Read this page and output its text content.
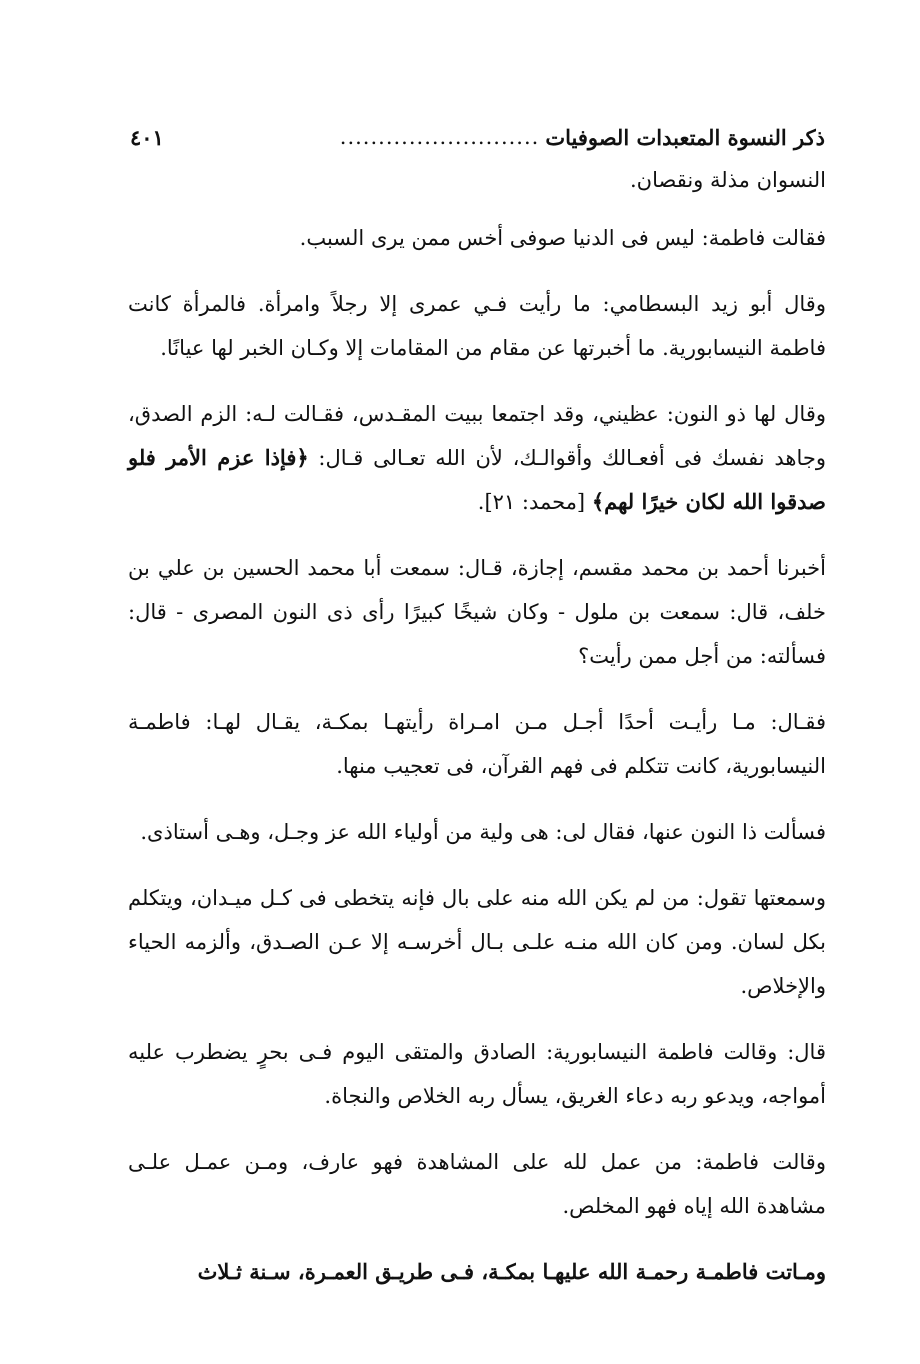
ذكر النسوة المتعبدات الصوفيات
..........................
٤٠١

النسوان مذلة ونقصان.

فقالت فاطمة: ليس فى الدنيا صوفى أخس ممن يرى السبب.

وقال أبو زيد البسطامي: ما رأيت فـي عمرى إلا رجلاً وامرأة. فالمرأة كانت فاطمة النيسابورية. ما أخبرتها عن مقام من المقامات إلا وكـان الخبر لها عيانًا.

وقال لها ذو النون: عظيني، وقد اجتمعا ببيت المقـدس، فقـالت لـه: الزم الصدق، وجاهد نفسك فى أفعـالك وأقوالـك، لأن الله تعـالى قـال: ﴿فإذا عزم الأمر فلو صدقوا الله لكان خيرًا لهم﴾ [محمد: ٢١].

أخبرنا أحمد بن محمد مقسم، إجازة، قـال: سمعت أبا محمد الحسين بن علي بن خلف، قال: سمعت بن ملول - وكان شيخًا كبيرًا رأى ذى النون المصرى - قال: فسألته: من أجل ممن رأيت؟

فقـال: مـا رأيـت أحدًا أجـل مـن امـراة رأيتهـا بمكـة، يقـال لهـا: فاطمـة النيسابورية، كانت تتكلم فى فهم القرآن، فى تعجيب منها.

فسألت ذا النون عنها، فقال لى: هى ولية من أولياء الله عز وجـل، وهـى أستاذى.

وسمعتها تقول: من لم يكن الله منه على بال فإنه يتخطى فى كـل ميـدان، ويتكلم بكل لسان. ومن كان الله منـه علـى بـال أخرسـه إلا عـن الصـدق، وألزمه الحياء والإخلاص.

قال: وقالت فاطمة النيسابورية: الصادق والمتقى اليوم فـى بحرٍ يضطرب عليه أمواجه، ويدعو ربه دعاء الغريق، يسأل ربه الخلاص والنجاة.

وقالت فاطمة: من عمل لله على المشاهدة فهو عارف، ومـن عمـل علـى مشاهدة الله إياه فهو المخلص.

ومـاتت فاطمـة رحمـة الله عليهـا بمكـة، فـى طريـق العمـرة، سـنة ثـلاث
